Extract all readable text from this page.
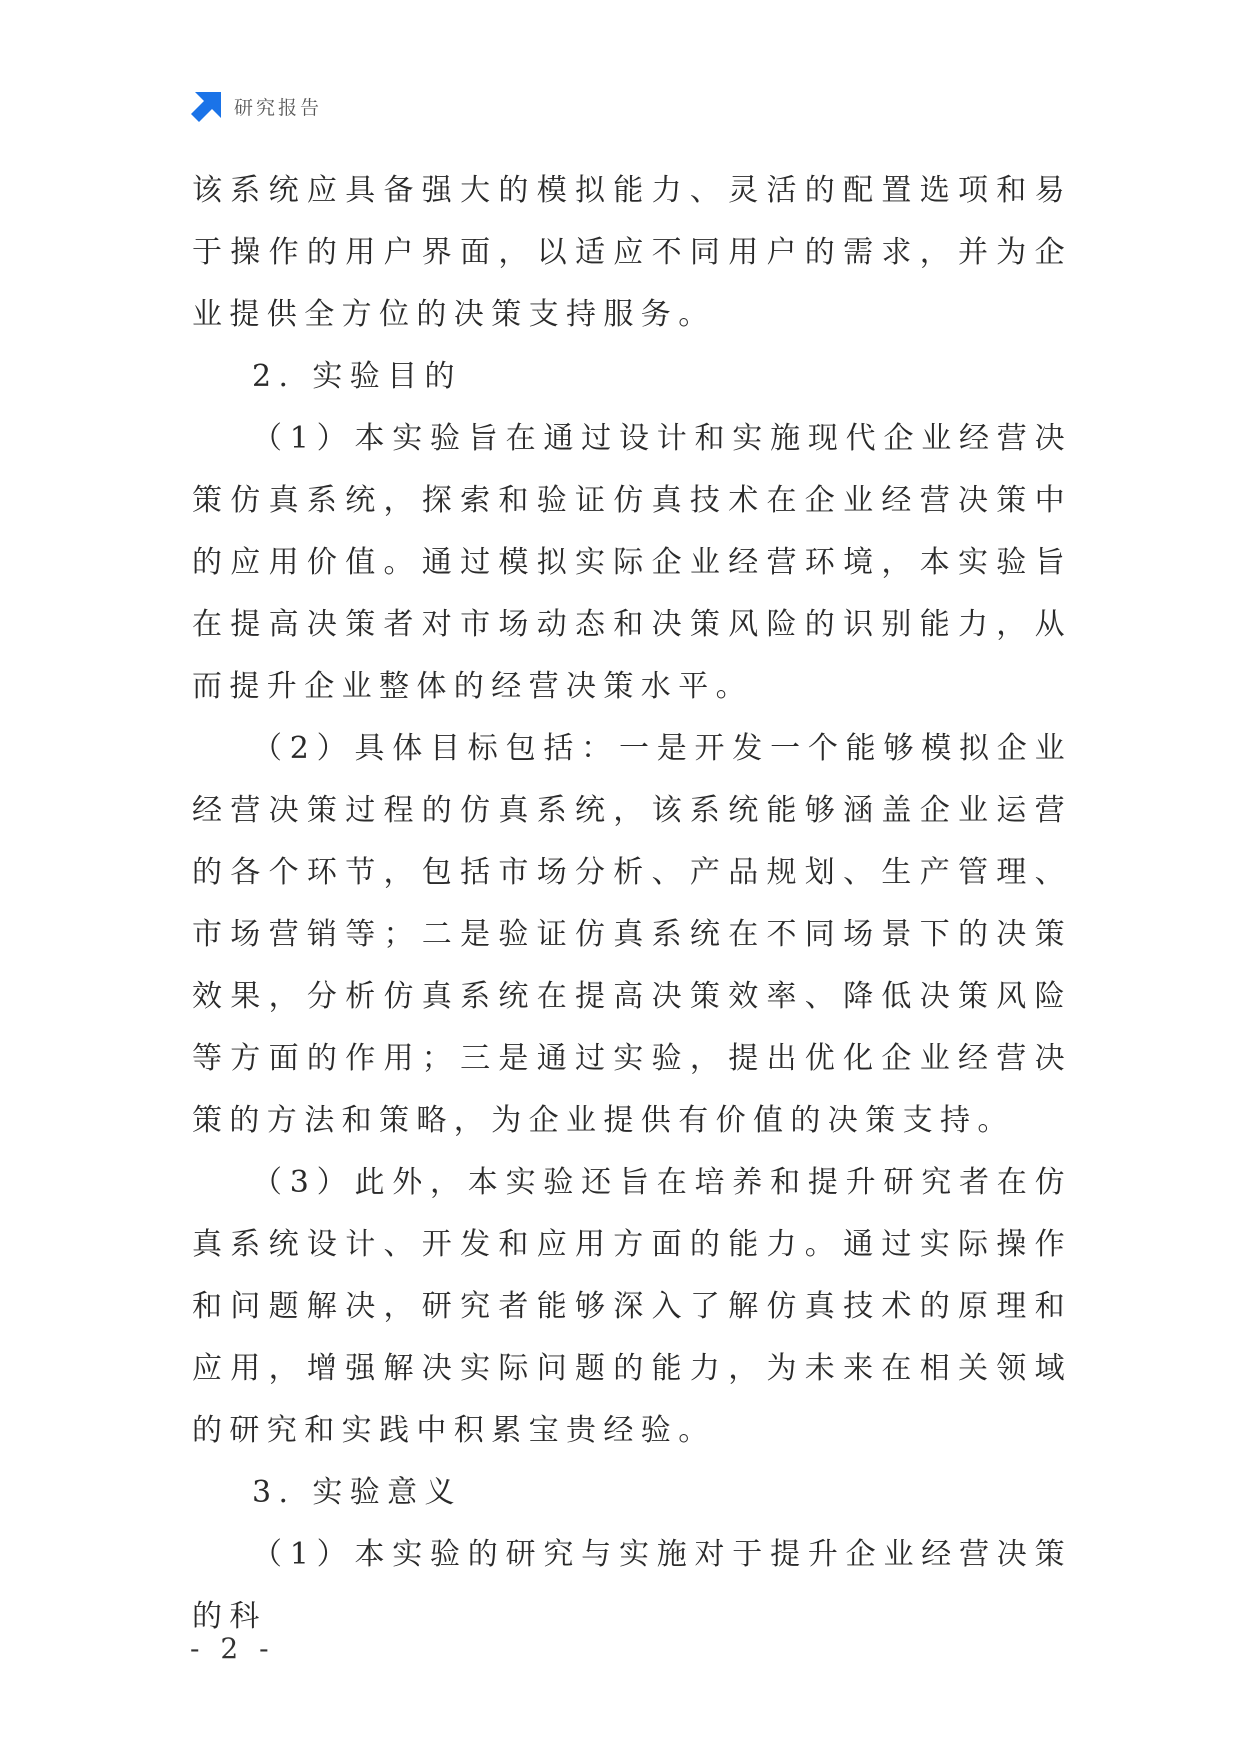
研究报告

该系统应具备强大的模拟能力、灵活的配置选项和易于操作的用户界面，以适应不同用户的需求，并为企业提供全方位的决策支持服务。

2. 实验目的

（1）本实验旨在通过设计和实施现代企业经营决策仿真系统，探索和验证仿真技术在企业经营决策中的应用价值。通过模拟实际企业经营环境，本实验旨在提高决策者对市场动态和决策风险的识别能力，从而提升企业整体的经营决策水平。

（2）具体目标包括：一是开发一个能够模拟企业经营决策过程的仿真系统，该系统能够涵盖企业运营的各个环节，包括市场分析、产品规划、生产管理、市场营销等；二是验证仿真系统在不同场景下的决策效果，分析仿真系统在提高决策效率、降低决策风险等方面的作用；三是通过实验，提出优化企业经营决策的方法和策略，为企业提供有价值的决策支持。

（3）此外，本实验还旨在培养和提升研究者在仿真系统设计、开发和应用方面的能力。通过实际操作和问题解决，研究者能够深入了解仿真技术的原理和应用，增强解决实际问题的能力，为未来在相关领域的研究和实践中积累宝贵经验。

3. 实验意义

（1）本实验的研究与实施对于提升企业经营决策的科

- 2 -
